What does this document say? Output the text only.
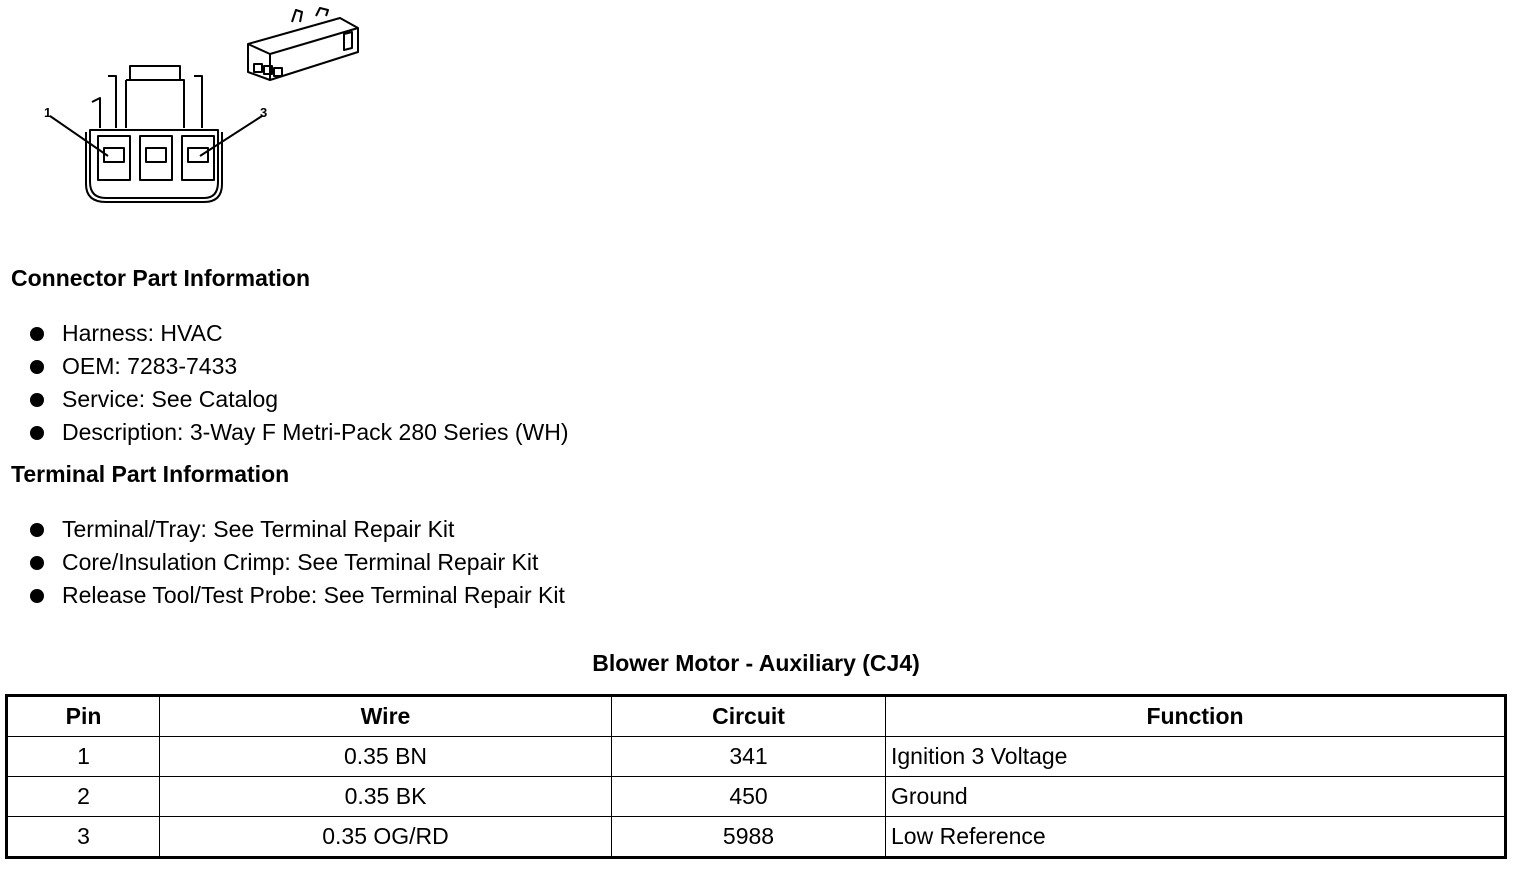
1	3
Connector Part Information
Harness: HVAC
OEM: 7283-7433
Service: See Catalog
Description: 3-Way F Metri-Pack 280 Series (WH)
Terminal Part Information
Terminal/Tray: See Terminal Repair Kit
Core/Insulation Crimp: See Terminal Repair Kit
Release Tool/Test Probe: See Terminal Repair Kit
Blower Motor - Auxiliary (CJ4)
Pin	Wire	Circuit	Function
1	0.35 BN	341	Ignition 3 Voltage
2	0.35 BK	450	Ground
3	0.35 OG/RD	5988	Low Reference
